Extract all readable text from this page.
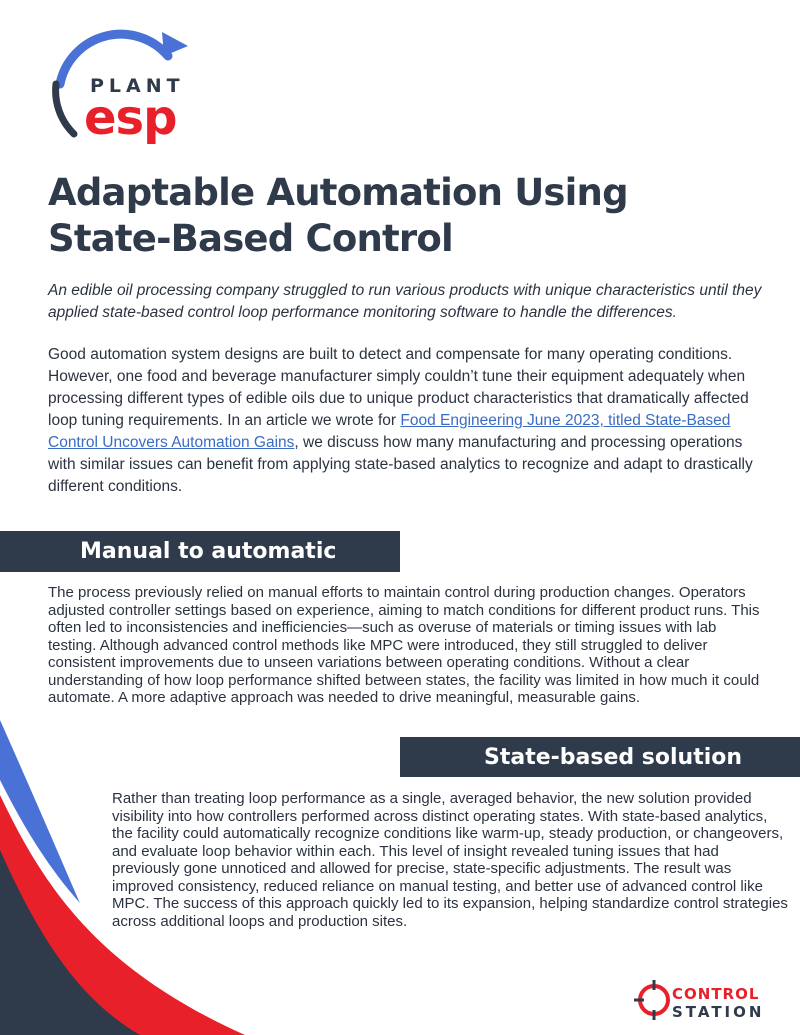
PLANT
esp
Adaptable Automation Using State-Based Control

An edible oil processing company struggled to run various products with unique characteristics until they applied state-based control loop performance monitoring software to handle the differences.

Good automation system designs are built to detect and compensate for many operating conditions. However, one food and beverage manufacturer simply couldn’t tune their equipment adequately when processing different types of edible oils due to unique product characteristics that dramatically affected loop tuning requirements. In an article we wrote for Food Engineering June 2023, titled State-Based Control Uncovers Automation Gains, we discuss how many manufacturing and processing operations with similar issues can benefit from applying state-based analytics to recognize and adapt to drastically different conditions.

Manual to automatic

The process previously relied on manual efforts to maintain control during production changes. Operators adjusted controller settings based on experience, aiming to match conditions for different product runs. This often led to inconsistencies and inefficiencies—such as overuse of materials or timing issues with lab testing. Although advanced control methods like MPC were introduced, they still struggled to deliver consistent improvements due to unseen variations between operating conditions. Without a clear understanding of how loop performance shifted between states, the facility was limited in how much it could automate. A more adaptive approach was needed to drive meaningful, measurable gains.

State-based solution

Rather than treating loop performance as a single, averaged behavior, the new solution provided visibility into how controllers performed across distinct operating states. With state-based analytics, the facility could automatically recognize conditions like warm-up, steady production, or changeovers, and evaluate loop behavior within each. This level of insight revealed tuning issues that had previously gone unnoticed and allowed for precise, state-specific adjustments. The result was improved consistency, reduced reliance on manual testing, and better use of advanced control like MPC. The success of this approach quickly led to its expansion, helping standardize control strategies across additional loops and production sites.

CONTROL
STATION
